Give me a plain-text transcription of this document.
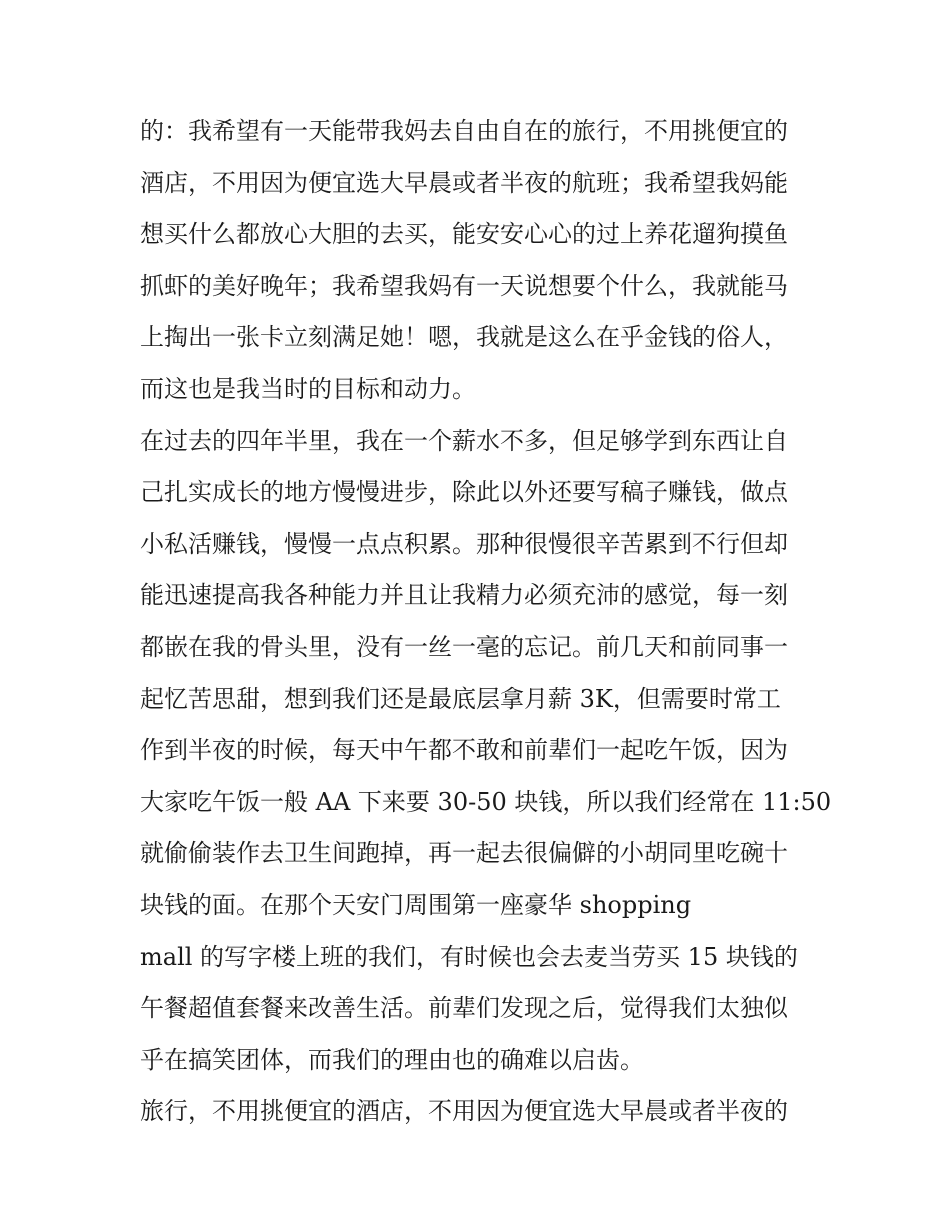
的：我希望有一天能带我妈去自由自在的旅行，不用挑便宜的
酒店，不用因为便宜选大早晨或者半夜的航班；我希望我妈能
想买什么都放心大胆的去买，能安安心心的过上养花遛狗摸鱼
抓虾的美好晚年；我希望我妈有一天说想要个什么，我就能马
上掏出一张卡立刻满足她！嗯，我就是这么在乎金钱的俗人，
而这也是我当时的目标和动力。
在过去的四年半里，我在一个薪水不多，但足够学到东西让自
己扎实成长的地方慢慢进步，除此以外还要写稿子赚钱，做点
小私活赚钱，慢慢一点点积累。那种很慢很辛苦累到不行但却
能迅速提高我各种能力并且让我精力必须充沛的感觉，每一刻
都嵌在我的骨头里，没有一丝一毫的忘记。前几天和前同事一
起忆苦思甜，想到我们还是最底层拿月薪 3K，但需要时常工
作到半夜的时候，每天中午都不敢和前辈们一起吃午饭，因为
大家吃午饭一般 AA 下来要 30-50 块钱，所以我们经常在 11:50
就偷偷装作去卫生间跑掉，再一起去很偏僻的小胡同里吃碗十
块钱的面。在那个天安门周围第一座豪华 shopping
mall 的写字楼上班的我们，有时候也会去麦当劳买 15 块钱的
午餐超值套餐来改善生活。前辈们发现之后，觉得我们太独似
乎在搞笑团体，而我们的理由也的确难以启齿。
旅行，不用挑便宜的酒店，不用因为便宜选大早晨或者半夜的
